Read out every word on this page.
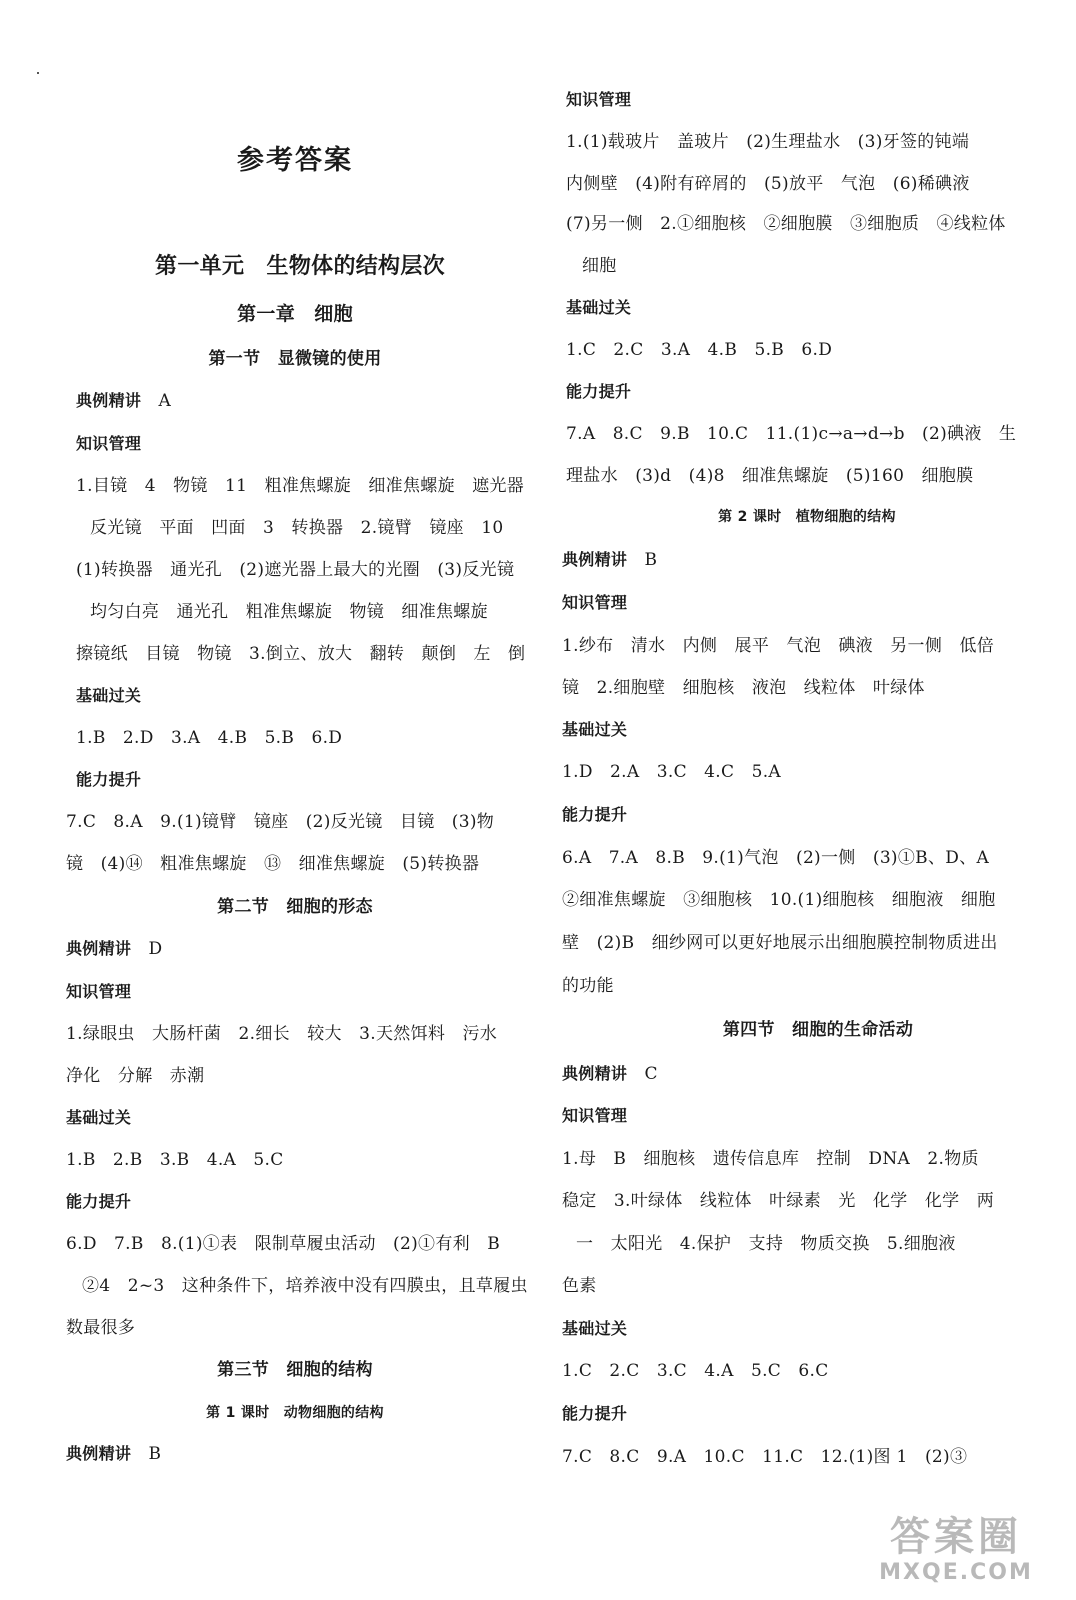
参考答案
第一单元　生物体的结构层次
第一章　细胞
第一节　显微镜的使用
典例精讲　 A
知识管理
1.目镜　4　物镜　11　粗准焦螺旋　细准焦螺旋　遮光器
反光镜　平面　凹面　3　转换器　2.镜臂　镜座　10
(1)转换器　通光孔　(2)遮光器上最大的光圈　(3)反光镜
均匀白亮　通光孔　粗准焦螺旋　物镜　细准焦螺旋
擦镜纸　目镜　物镜　3.倒立、放大　翻转　颠倒　左　倒
基础过关
1.B　2.D　3.A　4.B　5.B　6.D
能力提升
7.C　8.A　9.(1)镜臂　镜座　(2)反光镜　目镜　(3)物
镜　(4)⑭　粗准焦螺旋　⑬　细准焦螺旋　(5)转换器
第二节　细胞的形态
典例精讲　 D
知识管理
1.绿眼虫　大肠杆菌　2.细长　较大　3.天然饵料　污水
净化　分解　赤潮
基础过关
1.B　2.B　3.B　4.A　5.C
能力提升
6.D　7.B　8.(1)①表　限制草履虫活动　(2)①有利　B
②4　2~3　这种条件下，培养液中没有四膜虫，且草履虫
数最很多
第三节　细胞的结构
第 1 课时　动物细胞的结构
典例精讲　 B
知识管理
1.(1)载玻片　盖玻片　(2)生理盐水　(3)牙签的钝端
内侧壁　(4)附有碎屑的　(5)放平　气泡　(6)稀碘液
(7)另一侧　2.①细胞核　②细胞膜　③细胞质　④线粒体
细胞
基础过关
1.C　2.C　3.A　4.B　5.B　6.D
能力提升
7.A　8.C　9.B　10.C　11.(1)c→a→d→b　(2)碘液　生
理盐水　(3)d　(4)8　细准焦螺旋　(5)160　细胞膜
第 2 课时　植物细胞的结构
典例精讲　 B
知识管理
1.纱布　清水　内侧　展平　气泡　碘液　另一侧　低倍
镜　2.细胞壁　细胞核　液泡　线粒体　叶绿体
基础过关
1.D　2.A　3.C　4.C　5.A
能力提升
6.A　7.A　8.B　9.(1)气泡　(2)一侧　(3)①B、D、A
②细准焦螺旋　③细胞核　10.(1)细胞核　细胞液　细胞
壁　(2)B　细纱网可以更好地展示出细胞膜控制物质进出
的功能
第四节　细胞的生命活动
典例精讲　 C
知识管理
1.母　B　细胞核　遗传信息库　控制　DNA　2.物质
稳定　3.叶绿体　线粒体　叶绿素　光　化学　化学　两
一　太阳光　4.保护　支持　物质交换　5.细胞液
色素
基础过关
1.C　2.C　3.C　4.A　5.C　6.C
能力提升
7.C　8.C　9.A　10.C　11.C　12.(1)图 1　(2)③
答案圈
MXQE.COM
